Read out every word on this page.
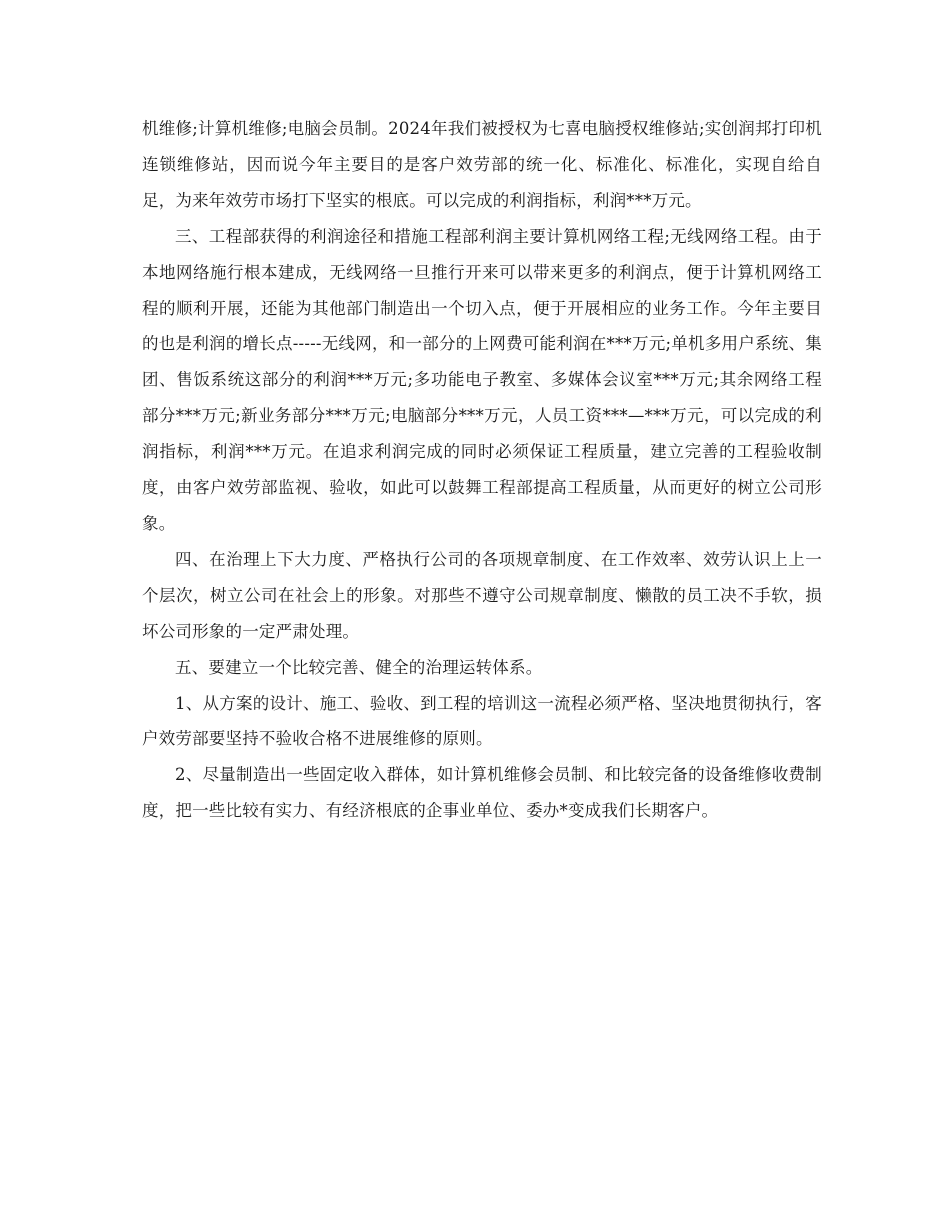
机维修;计算机维修;电脑会员制。2024年我们被授权为七喜电脑授权维修站;实创润邦打印机连锁维修站，因而说今年主要目的是客户效劳部的统一化、标准化、标准化，实现自给自足，为来年效劳市场打下坚实的根底。可以完成的利润指标，利润***万元。

三、工程部获得的利润途径和措施工程部利润主要计算机网络工程;无线网络工程。由于本地网络施行根本建成，无线网络一旦推行开来可以带来更多的利润点，便于计算机网络工程的顺利开展，还能为其他部门制造出一个切入点，便于开展相应的业务工作。今年主要目的也是利润的增长点-----无线网，和一部分的上网费可能利润在***万元;单机多用户系统、集团、售饭系统这部分的利润***万元;多功能电子教室、多媒体会议室***万元;其余网络工程部分***万元;新业务部分***万元;电脑部分***万元，人员工资***—***万元，可以完成的利润指标，利润***万元。在追求利润完成的同时必须保证工程质量，建立完善的工程验收制度，由客户效劳部监视、验收，如此可以鼓舞工程部提高工程质量，从而更好的树立公司形象。

四、在治理上下大力度、严格执行公司的各项规章制度、在工作效率、效劳认识上上一个层次，树立公司在社会上的形象。对那些不遵守公司规章制度、懒散的员工决不手软，损坏公司形象的一定严肃处理。

五、要建立一个比较完善、健全的治理运转体系。

1、从方案的设计、施工、验收、到工程的培训这一流程必须严格、坚决地贯彻执行，客户效劳部要坚持不验收合格不进展维修的原则。

2、尽量制造出一些固定收入群体，如计算机维修会员制、和比较完备的设备维修收费制度，把一些比较有实力、有经济根底的企事业单位、委办*变成我们长期客户。
